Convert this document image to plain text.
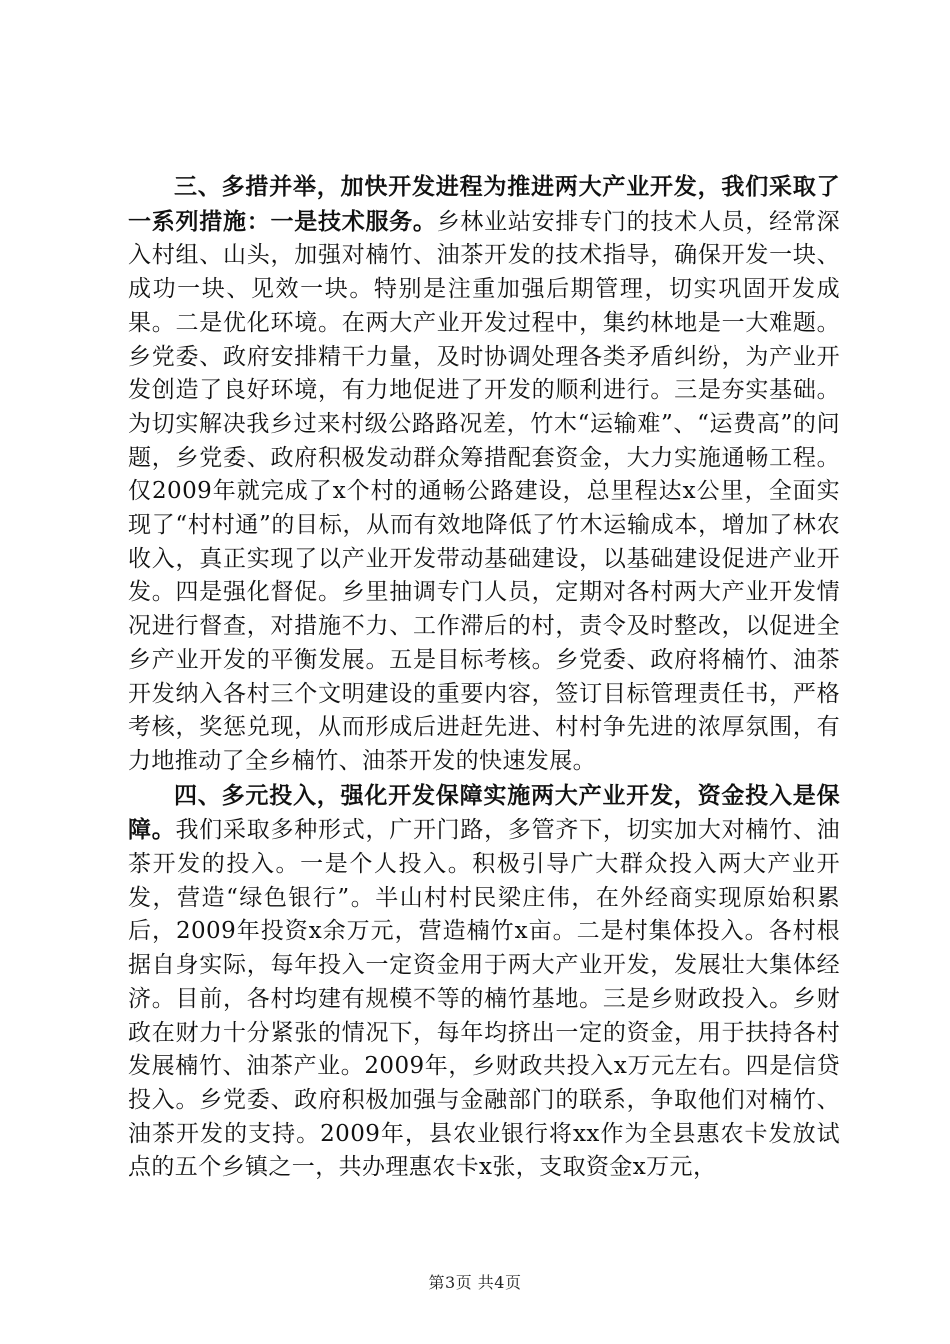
三、多措并举，加快开发进程为推进两大产业开发，我们采取了一系列措施：一是技术服务。乡林业站安排专门的技术人员，经常深入村组、山头，加强对楠竹、油茶开发的技术指导，确保开发一块、成功一块、见效一块。特别是注重加强后期管理，切实巩固开发成果。二是优化环境。在两大产业开发过程中，集约林地是一大难题。乡党委、政府安排精干力量，及时协调处理各类矛盾纠纷，为产业开发创造了良好环境，有力地促进了开发的顺利进行。三是夯实基础。为切实解决我乡过来村级公路路况差，竹木“运输难”、“运费高”的问题，乡党委、政府积极发动群众筹措配套资金，大力实施通畅工程。仅2009年就完成了x个村的通畅公路建设，总里程达x公里，全面实现了“村村通”的目标，从而有效地降低了竹木运输成本，增加了林农收入，真正实现了以产业开发带动基础建设，以基础建设促进产业开发。四是强化督促。乡里抽调专门人员，定期对各村两大产业开发情况进行督查，对措施不力、工作滞后的村，责令及时整改，以促进全乡产业开发的平衡发展。五是目标考核。乡党委、政府将楠竹、油茶开发纳入各村三个文明建设的重要内容，签订目标管理责任书，严格考核，奖惩兑现，从而形成后进赶先进、村村争先进的浓厚氛围，有力地推动了全乡楠竹、油茶开发的快速发展。

四、多元投入，强化开发保障实施两大产业开发，资金投入是保障。我们采取多种形式，广开门路，多管齐下，切实加大对楠竹、油茶开发的投入。一是个人投入。积极引导广大群众投入两大产业开发，营造“绿色银行”。半山村村民梁庄伟，在外经商实现原始积累后，2009年投资x余万元，营造楠竹x亩。二是村集体投入。各村根据自身实际，每年投入一定资金用于两大产业开发，发展壮大集体经济。目前，各村均建有规模不等的楠竹基地。三是乡财政投入。乡财政在财力十分紧张的情况下，每年均挤出一定的资金，用于扶持各村发展楠竹、油茶产业。2009年，乡财政共投入x万元左右。四是信贷投入。乡党委、政府积极加强与金融部门的联系，争取他们对楠竹、油茶开发的支持。2009年，县农业银行将xx作为全县惠农卡发放试点的五个乡镇之一，共办理惠农卡x张，支取资金x万元，

第3页 共4页
